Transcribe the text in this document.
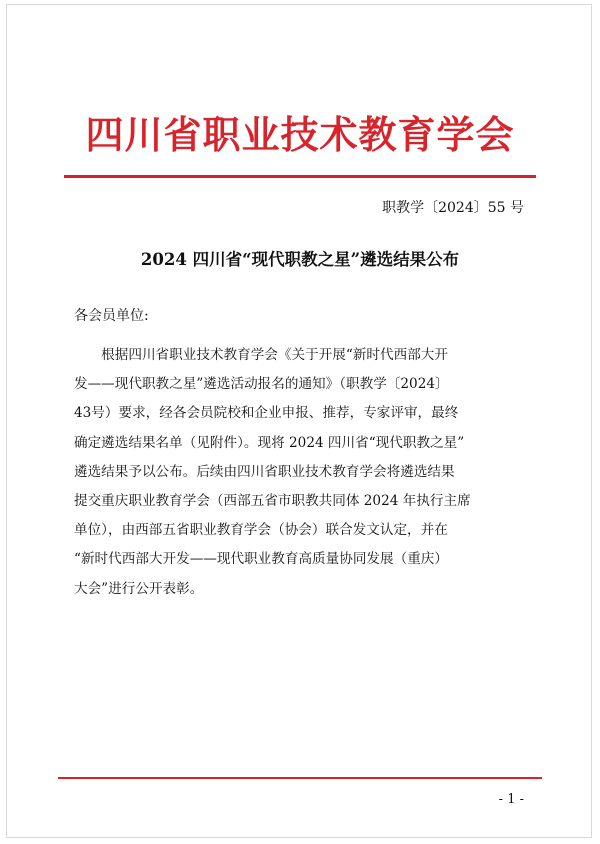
四川省职业技术教育学会
职教学〔2024〕55 号
2024 四川省“现代职教之星”遴选结果公布
各会员单位:
　　根据四川省职业技术教育学会《关于开展“新时代西部大开
发——现代职教之星”遴选活动报名的通知》（职教学〔2024〕
43号）要求，经各会员院校和企业申报、推荐，专家评审，最终
确定遴选结果名单（见附件）。现将 2024 四川省“现代职教之星”
遴选结果予以公布。后续由四川省职业技术教育学会将遴选结果
提交重庆职业教育学会（西部五省市职教共同体 2024 年执行主席
单位），由西部五省职业教育学会（协会）联合发文认定，并在
“新时代西部大开发——现代职业教育高质量协同发展（重庆）
大会”进行公开表彰。
- 1 -
